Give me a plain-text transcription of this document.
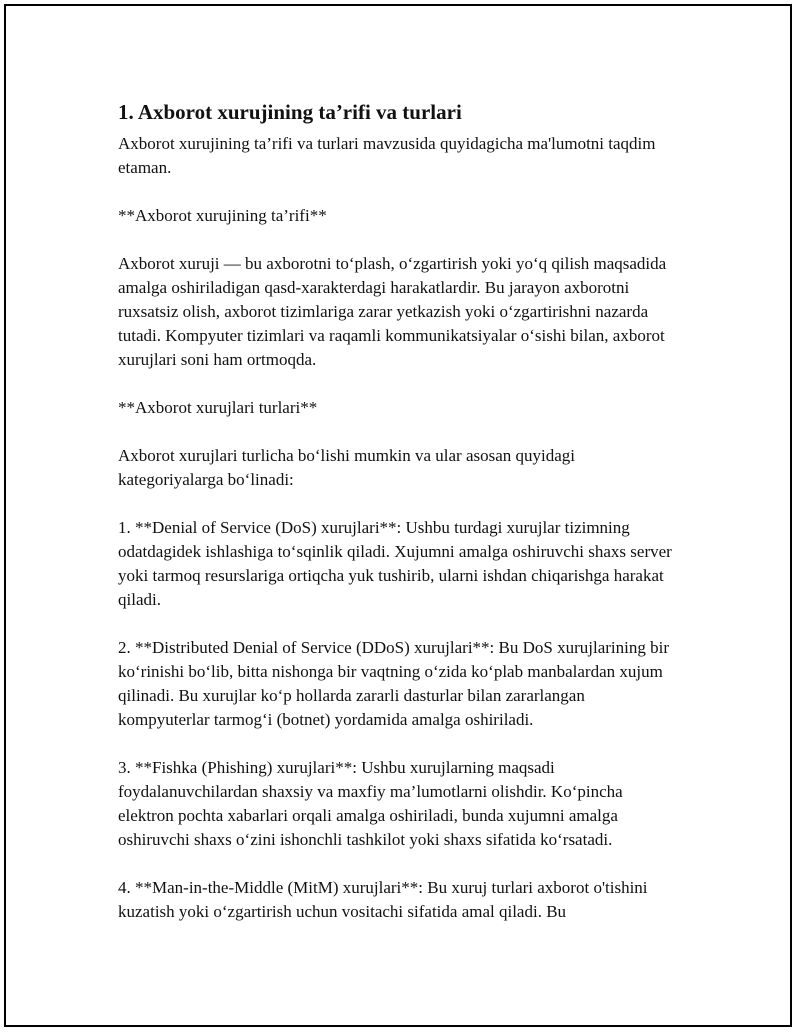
1. Axborot xurujining ta’rifi va turlari

Axborot xurujining ta’rifi va turlari mavzusida quyidagicha ma'lumotni taqdim etaman.

**Axborot xurujining ta’rifi**

Axborot xuruji — bu axborotni to‘plash, o‘zgartirish yoki yo‘q qilish maqsadida amalga oshiriladigan qasd-xarakterdagi harakatlardir. Bu jarayon axborotni ruxsatsiz olish, axborot tizimlariga zarar yetkazish yoki o‘zgartirishni nazarda tutadi. Kompyuter tizimlari va raqamli kommunikatsiyalar o‘sishi bilan, axborot xurujlari soni ham ortmoqda.

**Axborot xurujlari turlari**

Axborot xurujlari turlicha bo‘lishi mumkin va ular asosan quyidagi kategoriyalarga bo‘linadi:

1. **Denial of Service (DoS) xurujlari**: Ushbu turdagi xurujlar tizimning odatdagidek ishlashiga to‘sqinlik qiladi. Xujumni amalga oshiruvchi shaxs server yoki tarmoq resurslariga ortiqcha yuk tushirib, ularni ishdan chiqarishga harakat qiladi.

2. **Distributed Denial of Service (DDoS) xurujlari**: Bu DoS xurujlarining bir ko‘rinishi bo‘lib, bitta nishonga bir vaqtning o‘zida ko‘plab manbalardan xujum qilinadi. Bu xurujlar ko‘p hollarda zararli dasturlar bilan zararlangan kompyuterlar tarmog‘i (botnet) yordamida amalga oshiriladi.

3. **Fishka (Phishing) xurujlari**: Ushbu xurujlarning maqsadi foydalanuvchilardan shaxsiy va maxfiy ma’lumotlarni olishdir. Ko‘pincha elektron pochta xabarlari orqali amalga oshiriladi, bunda xujumni amalga oshiruvchi shaxs o‘zini ishonchli tashkilot yoki shaxs sifatida ko‘rsatadi.

4. **Man-in-the-Middle (MitM) xurujlari**: Bu xuruj turlari axborot o'tishini kuzatish yoki o‘zgartirish uchun vositachi sifatida amal qiladi. Bu
